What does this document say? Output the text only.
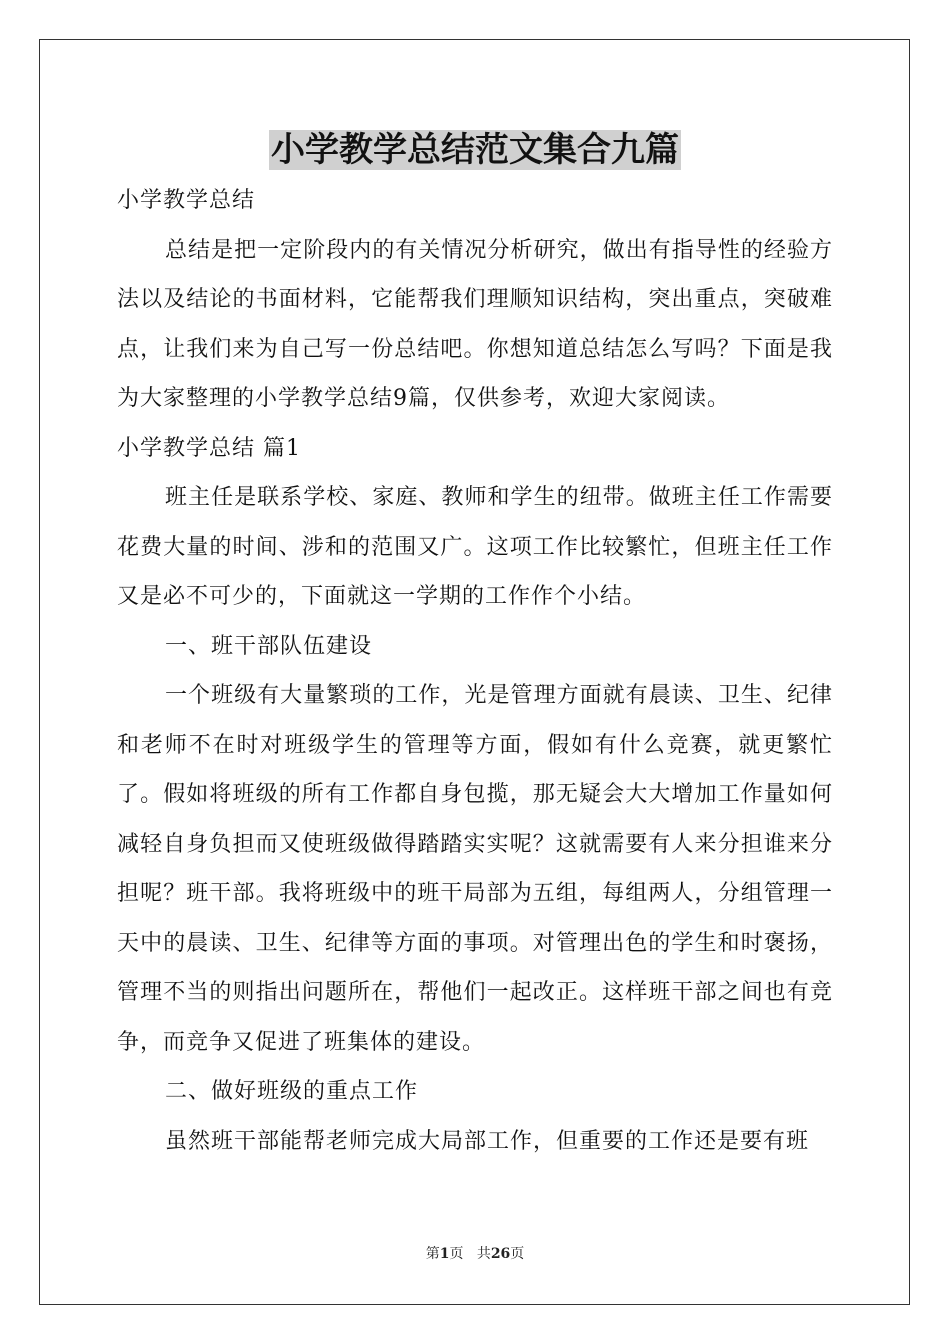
小学教学总结范文集合九篇

小学教学总结

总结是把一定阶段内的有关情况分析研究，做出有指导性的经验方法以及结论的书面材料，它能帮我们理顺知识结构，突出重点，突破难点，让我们来为自己写一份总结吧。你想知道总结怎么写吗？下面是我为大家整理的小学教学总结9篇，仅供参考，欢迎大家阅读。

小学教学总结 篇1

班主任是联系学校、家庭、教师和学生的纽带。做班主任工作需要花费大量的时间、涉和的范围又广。这项工作比较繁忙，但班主任工作又是必不可少的，下面就这一学期的工作作个小结。

一、班干部队伍建设

一个班级有大量繁琐的工作，光是管理方面就有晨读、卫生、纪律和老师不在时对班级学生的管理等方面，假如有什么竞赛，就更繁忙了。假如将班级的所有工作都自身包揽，那无疑会大大增加工作量如何减轻自身负担而又使班级做得踏踏实实呢？这就需要有人来分担谁来分担呢？班干部。我将班级中的班干局部为五组，每组两人，分组管理一天中的晨读、卫生、纪律等方面的事项。对管理出色的学生和时褒扬，管理不当的则指出问题所在，帮他们一起改正。这样班干部之间也有竞争，而竞争又促进了班集体的建设。

二、做好班级的重点工作

虽然班干部能帮老师完成大局部工作，但重要的工作还是要有班

第1页 共26页
